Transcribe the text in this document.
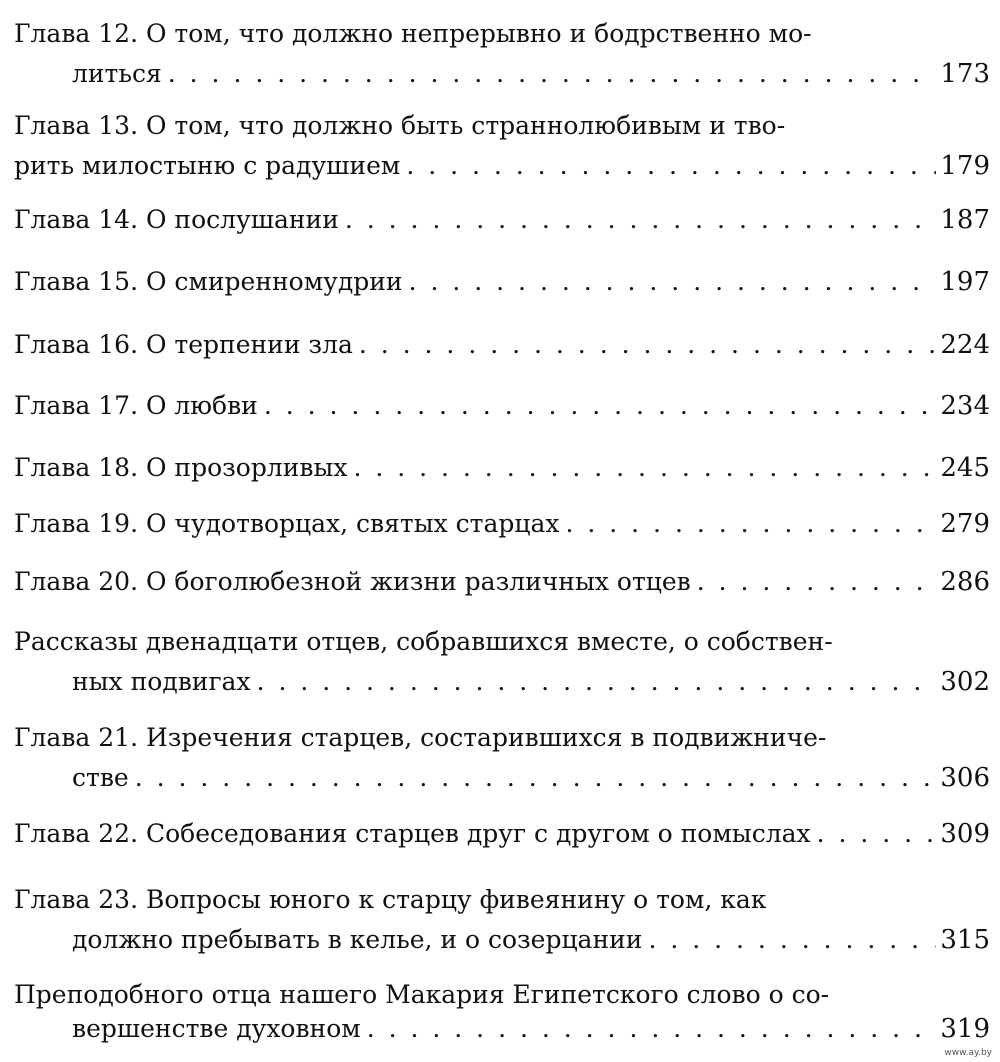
Глава 12. О том, что должно непрерывно и бодрственно мо-
литься . . .	173
Глава 13. О том, что должно быть страннолюбивым и тво-
рить милостыню с радушием . . .	179
Глава 14. О послушании . . .	187
Глава 15. О смиренномудрии . . .	197
Глава 16. О терпении зла . . .	224
Глава 17. О любви . . .	234
Глава 18. О прозорливых . . .	245
Глава 19. О чудотворцах, святых старцах . . .	279
Глава 20. О боголюбезной жизни различных отцев . . .	286
Рассказы двенадцати отцев, собравшихся вместе, о собствен-
ных подвигах . . .	302
Глава 21. Изречения старцев, состарившихся в подвижниче-
стве . . .	306
Глава 22. Собеседования старцев друг с другом о помыслах . . .	309
Глава 23. Вопросы юного к старцу фивеянину о том, как
должно пребывать в келье, и о созерцании . . .	315
Преподобного отца нашего Макария Египетского слово о со-
вершенстве духовном . . .	319
www.ay.by
